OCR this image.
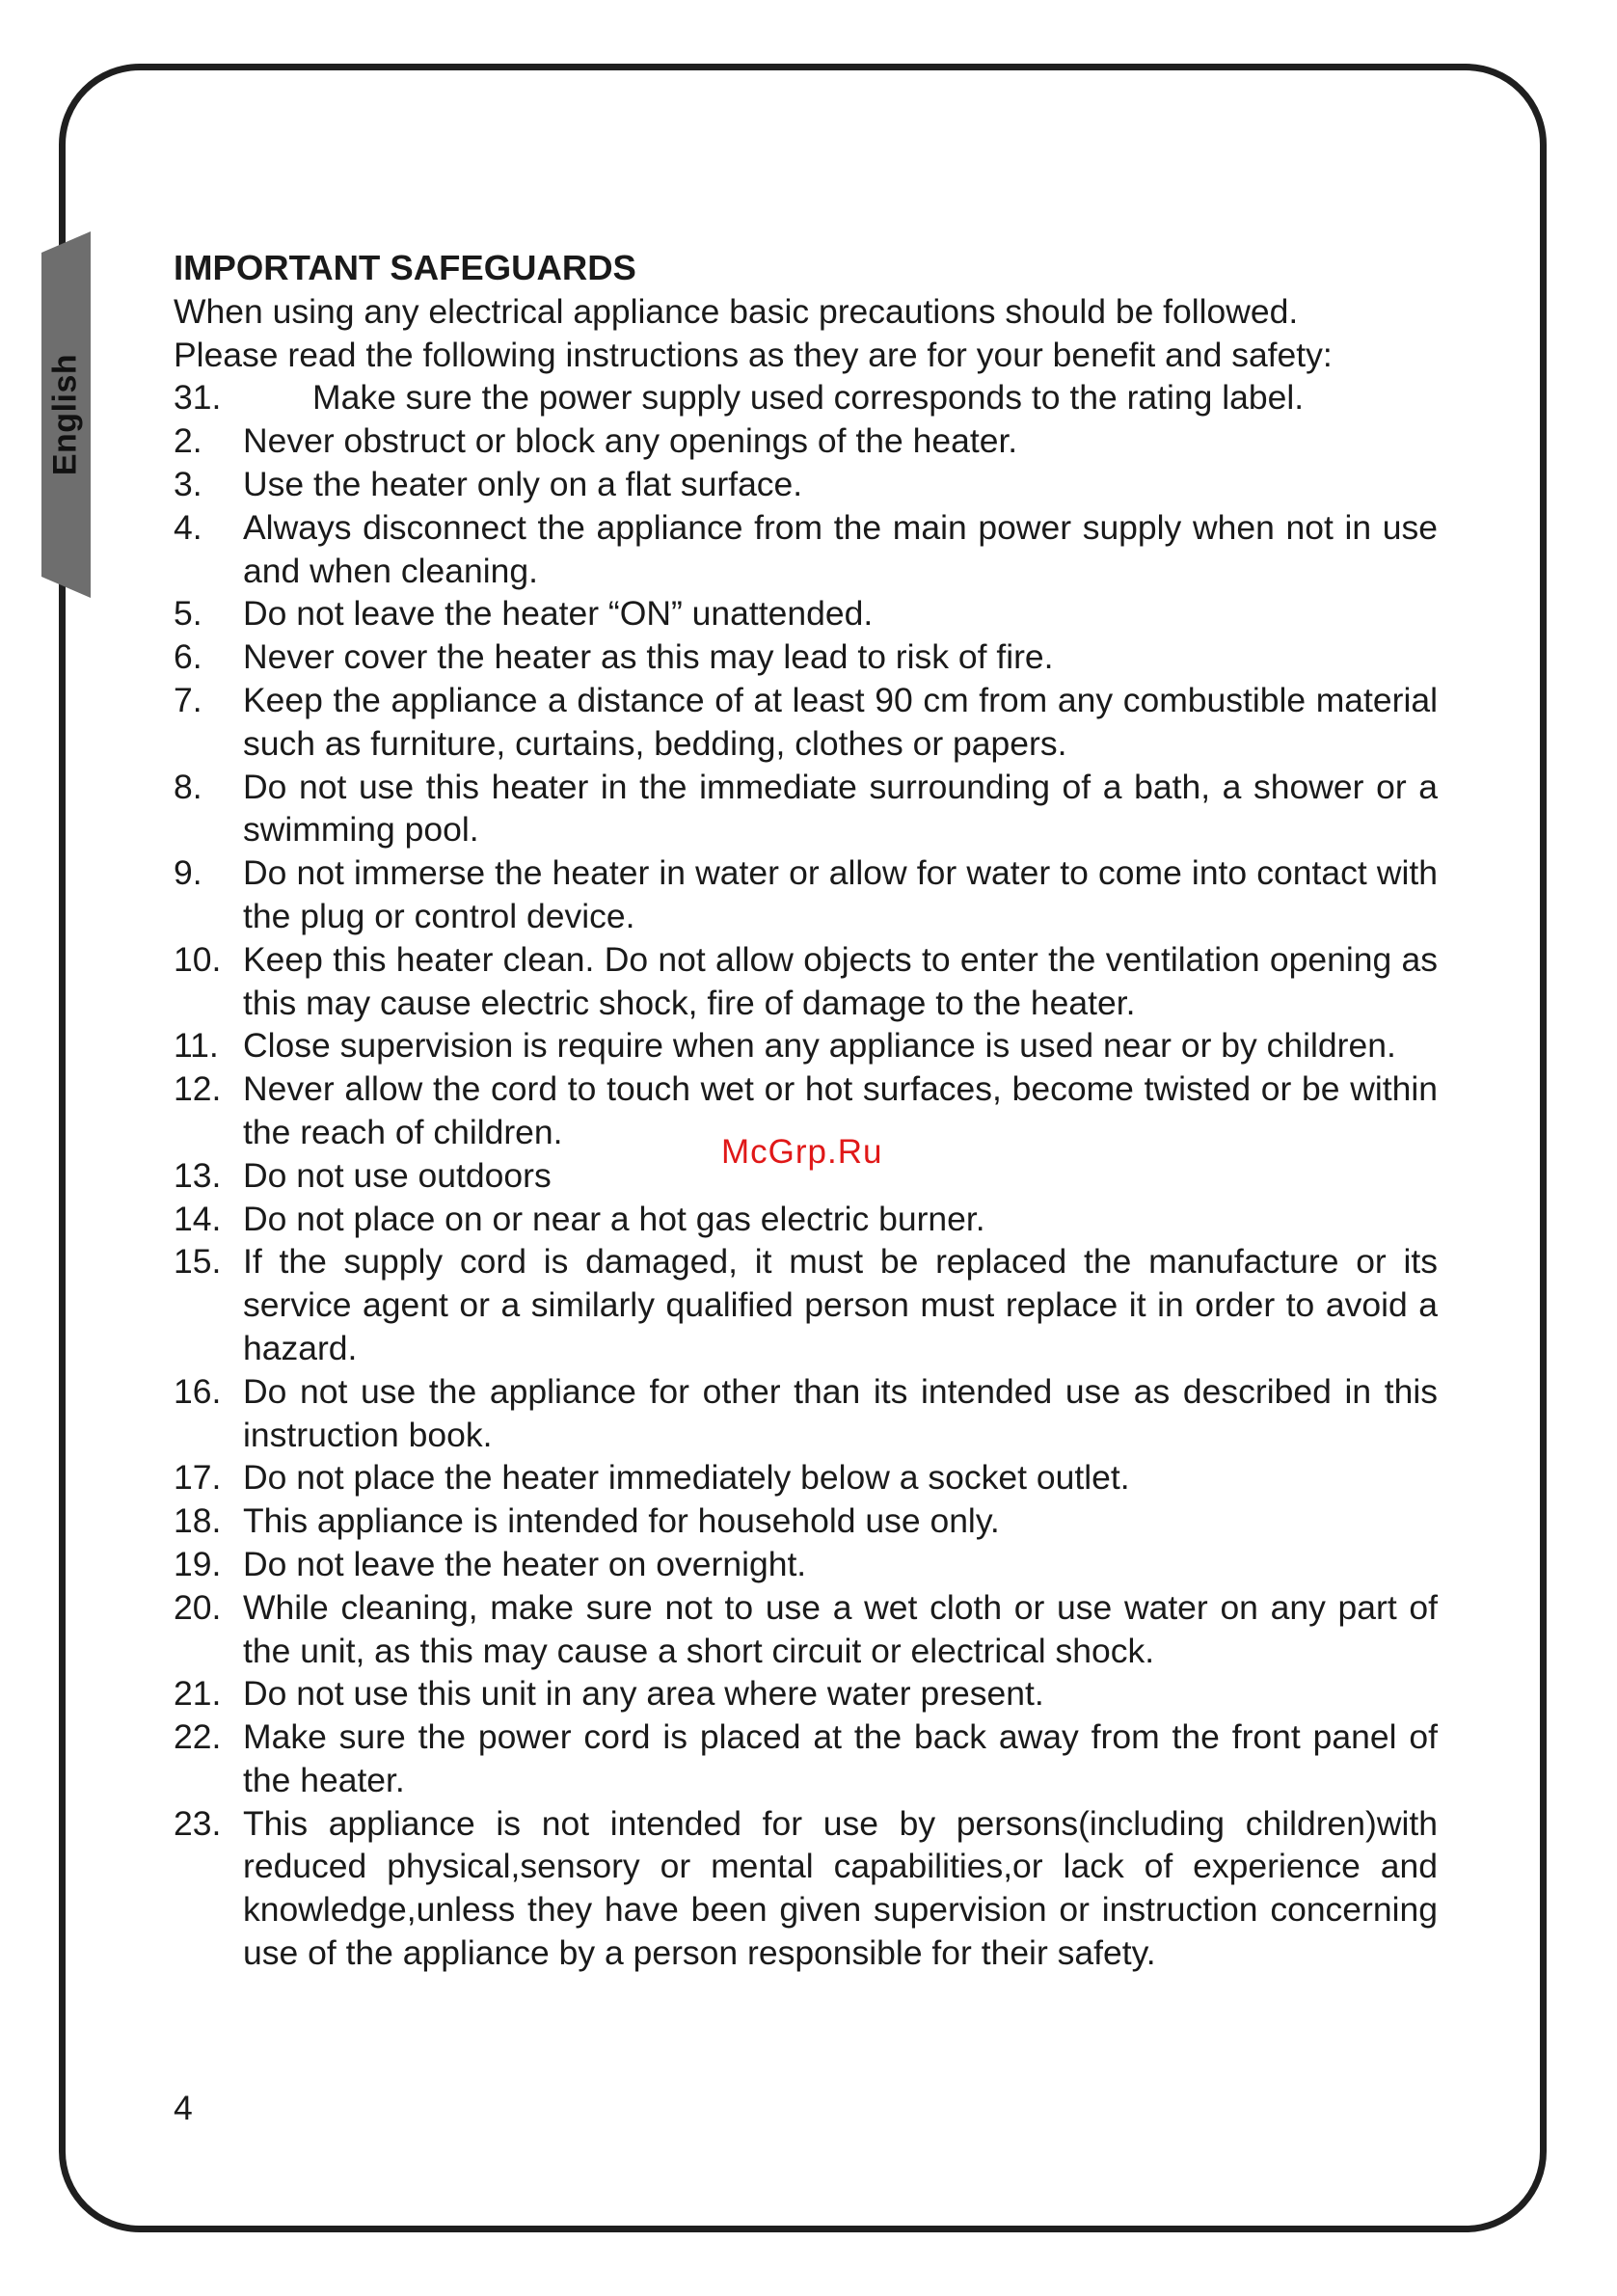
English

IMPORTANT SAFEGUARDS

When using any electrical appliance basic precautions should be followed.

Please read the following instructions as they are for your benefit and safety:

31.	Make sure the power supply used corresponds to the rating label.
2.	Never obstruct or block any openings of the heater.
3.	Use the heater only on a flat surface.
4.	Always disconnect the appliance from the main power supply when not in use and when cleaning.
5.	Do not leave the heater “ON” unattended.
6.	Never cover the heater as this may lead to risk of fire.
7.	Keep the appliance a distance of at least 90 cm from any combustible material such as furniture, curtains, bedding, clothes or papers.
8.	Do not use this heater in the immediate surrounding of a bath, a shower or a swimming pool.
9.	Do not immerse the heater in water or allow for water to come into contact with the plug or control device.
10. Keep this heater clean. Do not allow objects to enter the ventilation opening as this may cause electric shock, fire of damage to the heater.
11. Close supervision is require when any appliance is used near or by children.
12. Never allow the cord to touch wet or hot surfaces, become twisted or be within the reach of children.
13. Do not use outdoors
14. Do not place on or near a hot gas electric burner.
15. If the supply cord is damaged, it must be replaced the manufacture or its service agent or a similarly qualified person must replace it in order to avoid a hazard.
16. Do not use the appliance for other than its intended use as described in this instruction book.
17. Do not place the heater immediately below a socket outlet.
18. This appliance is intended for household use only.
19. Do not leave the heater on overnight.
20. While cleaning, make sure not to use a wet cloth or use water on any part of the unit, as this may cause a short circuit or electrical shock.
21. Do not use this unit in any area where water present.
22. Make sure the power cord is placed at the back away from the front panel of the heater.
23. This appliance is not intended for use by persons(including children)with reduced physical,sensory or mental capabilities,or lack of experience and knowledge,unless they have been given supervision or instruction concerning use of the appliance by a person responsible for their safety.
4
McGrp.Ru
